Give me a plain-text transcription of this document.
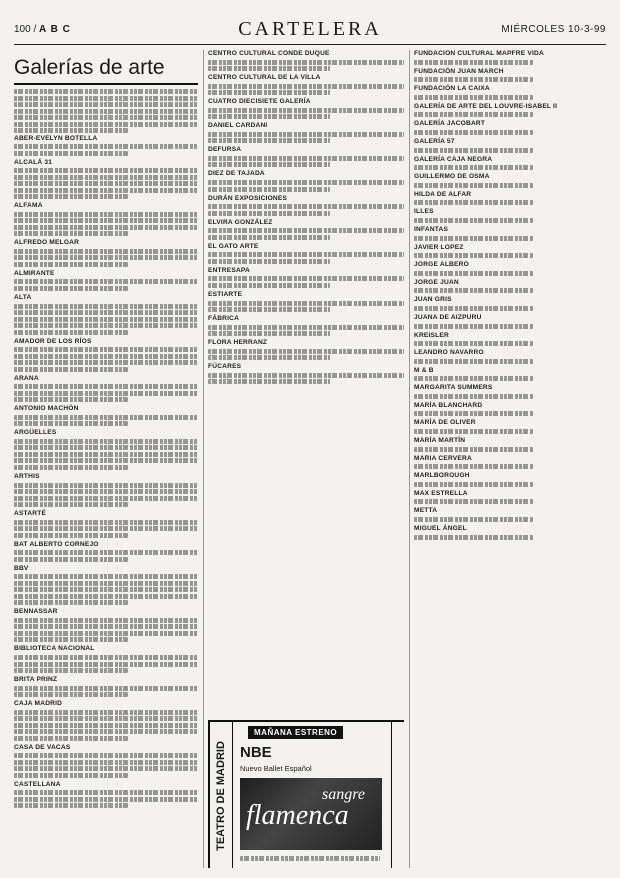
100 / A B C	CARTELERA	MIÉRCOLES 10-3-99
Galerías de arte
ABER-EVELYN BOTELLA
ALCALÁ 31
ALFAMA
ALFREDO MELGAR
ALMIRANTE
ALTA
AMADOR DE LOS RÍOS
ARANA
ANTONIO MACHÓN
ARGÜELLES
ARTHIS
ASTARTÉ
BAT ALBERTO CORNEJO
BBV
BENNASSAR
BIBLIOTECA NACIONAL
BRITA PRINZ
CAJA MADRID
CASA DE VACAS
CASTELLANA
CENTRO CULTURAL CONDE DUQUE
CENTRO CULTURAL DE LA VILLA
CUATRO DIECISIETE GALERÍA
DANIEL CARDANI
DEFURSA
DIEZ DE TAJADA
DURÁN EXPOSICIONES
ELVIRA GONZÁLEZ
EL GATO ARTE
ENTRESAPA
ESTIARTE
FÁBRICA
FLORA HERRANZ
FÚCARES
TEATRO DE MADRID
MAÑANA ESTRENO
NBE
Nuevo Ballet Español
sangre
flamenca
FUNDACIÓN CULTURAL MAPFRE VIDA
FUNDACIÓN JUAN MARCH
FUNDACIÓN LA CAIXA
GALERÍA DE ARTE DEL LOUVRE-ISABEL II
GALERÍA JACOBART
GALERÍA 57
GALERÍA CAJA NEGRA
GUILLERMO DE OSMA
HILDA DE ALFAR
ILLES
INFANTAS
JAVIER LOPEZ
JORGE ALBERO
JORGE JUAN
JUAN GRIS
JUANA DE AIZPURU
KREISLER
LEANDRO NAVARRO
M & B
MARGARITA SUMMERS
MARÍA BLANCHARD
MARÍA DE OLIVER
MARÍA MARTÍN
MARIA CERVERA
MARLBOROUGH
MAX ESTRELLA
METTA
MIGUEL ÁNGEL
